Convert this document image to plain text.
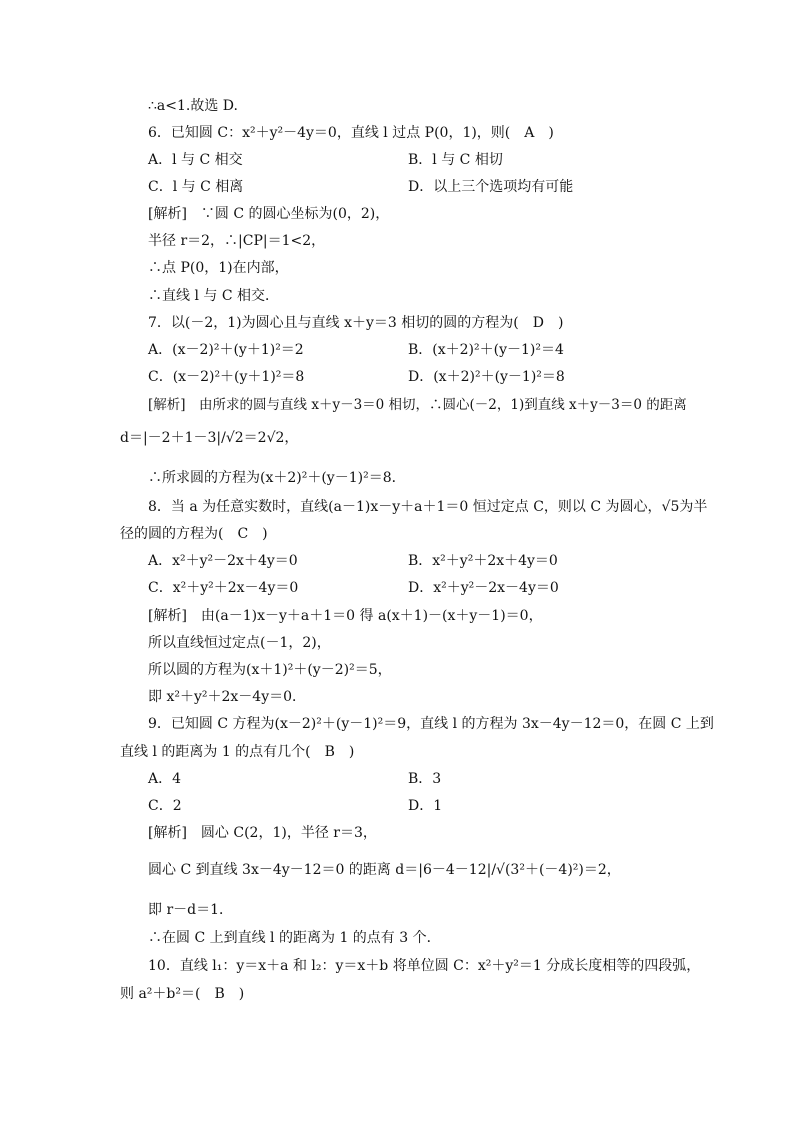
∴a<1.故选 D.
6．已知圆 C：x²＋y²－4y＝0，直线 l 过点 P(0，1)，则(　A　)
A．l 与 C 相交	B．l 与 C 相切
C．l 与 C 相离	D．以上三个选项均有可能
[解析]　∵圆 C 的圆心坐标为(0，2)，
半径 r＝2，∴|CP|＝1<2，
∴点 P(0，1)在内部，
∴直线 l 与 C 相交．
7．以(－2，1)为圆心且与直线 x＋y＝3 相切的圆的方程为(　D　)
A．(x－2)²＋(y＋1)²＝2	B．(x＋2)²＋(y－1)²＝4
C．(x－2)²＋(y＋1)²＝8	D．(x＋2)²＋(y－1)²＝8
[解析]　由所求的圆与直线 x＋y－3＝0 相切，∴圆心(－2，1)到直线 x＋y－3＝0 的距离
d＝|－2＋1－3|/√2＝2√2，
∴所求圆的方程为(x＋2)²＋(y－1)²＝8．
8．当 a 为任意实数时，直线(a－1)x－y＋a＋1＝0 恒过定点 C，则以 C 为圆心，√5为半
径的圆的方程为(　C　)
A．x²＋y²－2x＋4y＝0	B．x²＋y²＋2x＋4y＝0
C．x²＋y²＋2x－4y＝0	D．x²＋y²－2x－4y＝0
[解析]　由(a－1)x－y＋a＋1＝0 得 a(x＋1)－(x＋y－1)＝0，
所以直线恒过定点(－1，2)，
所以圆的方程为(x＋1)²＋(y－2)²＝5，
即 x²＋y²＋2x－4y＝0．
9．已知圆 C 方程为(x－2)²＋(y－1)²＝9，直线 l 的方程为 3x－4y－12＝0，在圆 C 上到
直线 l 的距离为 1 的点有几个(　B　)
A．4	B．3
C．2	D．1
[解析]　圆心 C(2，1)，半径 r＝3，
圆心 C 到直线 3x－4y－12＝0 的距离 d＝|6－4－12|/√(3²＋(－4)²)＝2，
即 r－d＝1．
∴在圆 C 上到直线 l 的距离为 1 的点有 3 个．
10．直线 l₁：y＝x＋a 和 l₂：y＝x＋b 将单位圆 C：x²＋y²＝1 分成长度相等的四段弧，
则 a²＋b²＝(　B　)
